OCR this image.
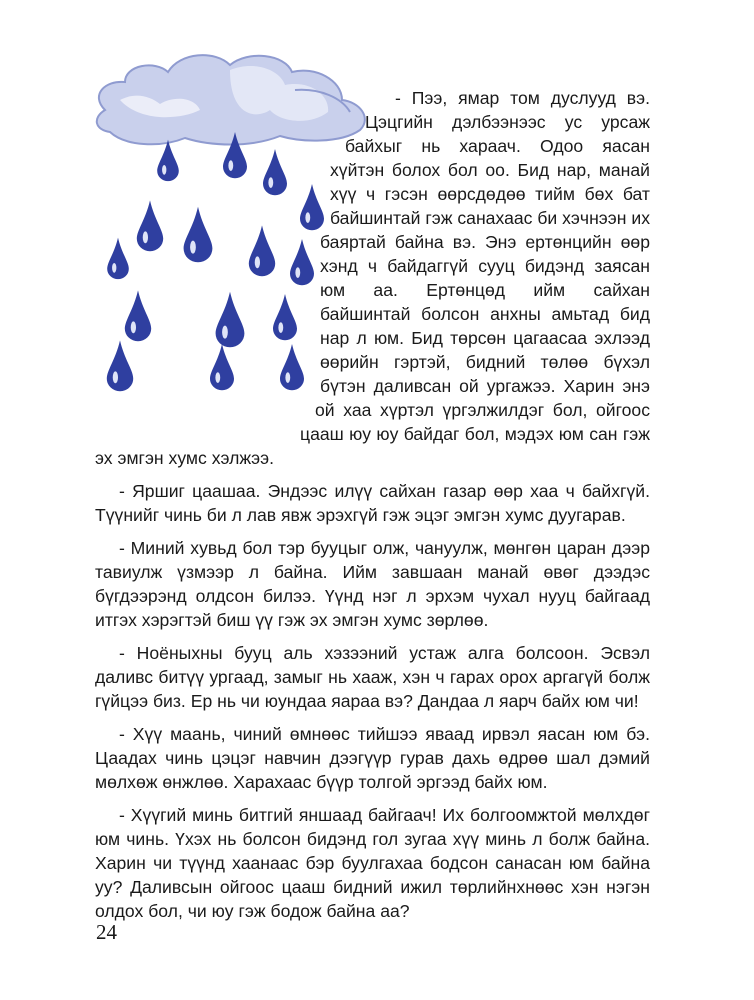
- Пээ, ямар том дуслууд вэ. Цэцгийн дэлбээнээс ус урсаж байхыг нь хараач. Одоо яасан хүйтэн болох бол оо. Бид нар, манай хүү ч гэсэн өөрсдөдөө тийм бөх бат байшинтай гэж санахаас би хэчнээн их баяртай байна вэ. Энэ ертөнцийн өөр хэнд ч байдаггүй сууц бидэнд заясан юм аа. Ертөнцөд ийм сайхан байшинтай болсон анхны амьтад бид нар л юм. Бид төрсөн цагаасаа эхлээд өөрийн гэртэй, бидний төлөө бүхэл бүтэн даливсан ой ургажээ. Харин энэ ой хаа хүртэл үргэлжилдэг бол, ойгоос цааш юу юу байдаг бол, мэдэх юм сан гэж эх эмгэн хумс хэлжээ.

- Яршиг цаашаа. Эндээс илүү сайхан газар өөр хаа ч байхгүй. Түүнийг чинь би л лав явж эрэхгүй гэж эцэг эмгэн хумс дуугарав.

- Миний хувьд бол тэр бууцыг олж, чануулж, мөнгөн царан дээр тавиулж үзмээр л байна. Ийм завшаан манай өвөг дээдэс бүгдээрэнд олдсон билээ. Үүнд нэг л эрхэм чухал нууц байгаад итгэх хэрэгтэй биш үү гэж эх эмгэн хумс зөрлөө.

- Ноёныхны бууц аль хэзээний устаж алга болсоон. Эсвэл даливс битүү ургаад, замыг нь хааж, хэн ч гарах орох аргагүй болж гүйцээ биз. Ер нь чи юундаа яараа вэ? Дандаа л яарч байх юм чи!

- Хүү маань, чиний өмнөөс тийшээ яваад ирвэл яасан юм бэ. Цаадах чинь цэцэг навчин дээгүүр гурав дахь өдрөө шал дэмий мөлхөж өнжлөө. Харахаас бүүр толгой эргээд байх юм.

- Хүүгий минь битгий яншаад байгаач! Их болгоомжтой мөлхдөг юм чинь. Үхэх нь болсон бидэнд гол зугаа хүү минь л болж байна. Харин чи түүнд хаанаас бэр буулгахаа бодсон санасан юм байна уу? Даливсын ойгоос цааш бидний ижил төрлийнхнөөс хэн нэгэн олдох бол, чи юу гэж бодож байна аа?

24
